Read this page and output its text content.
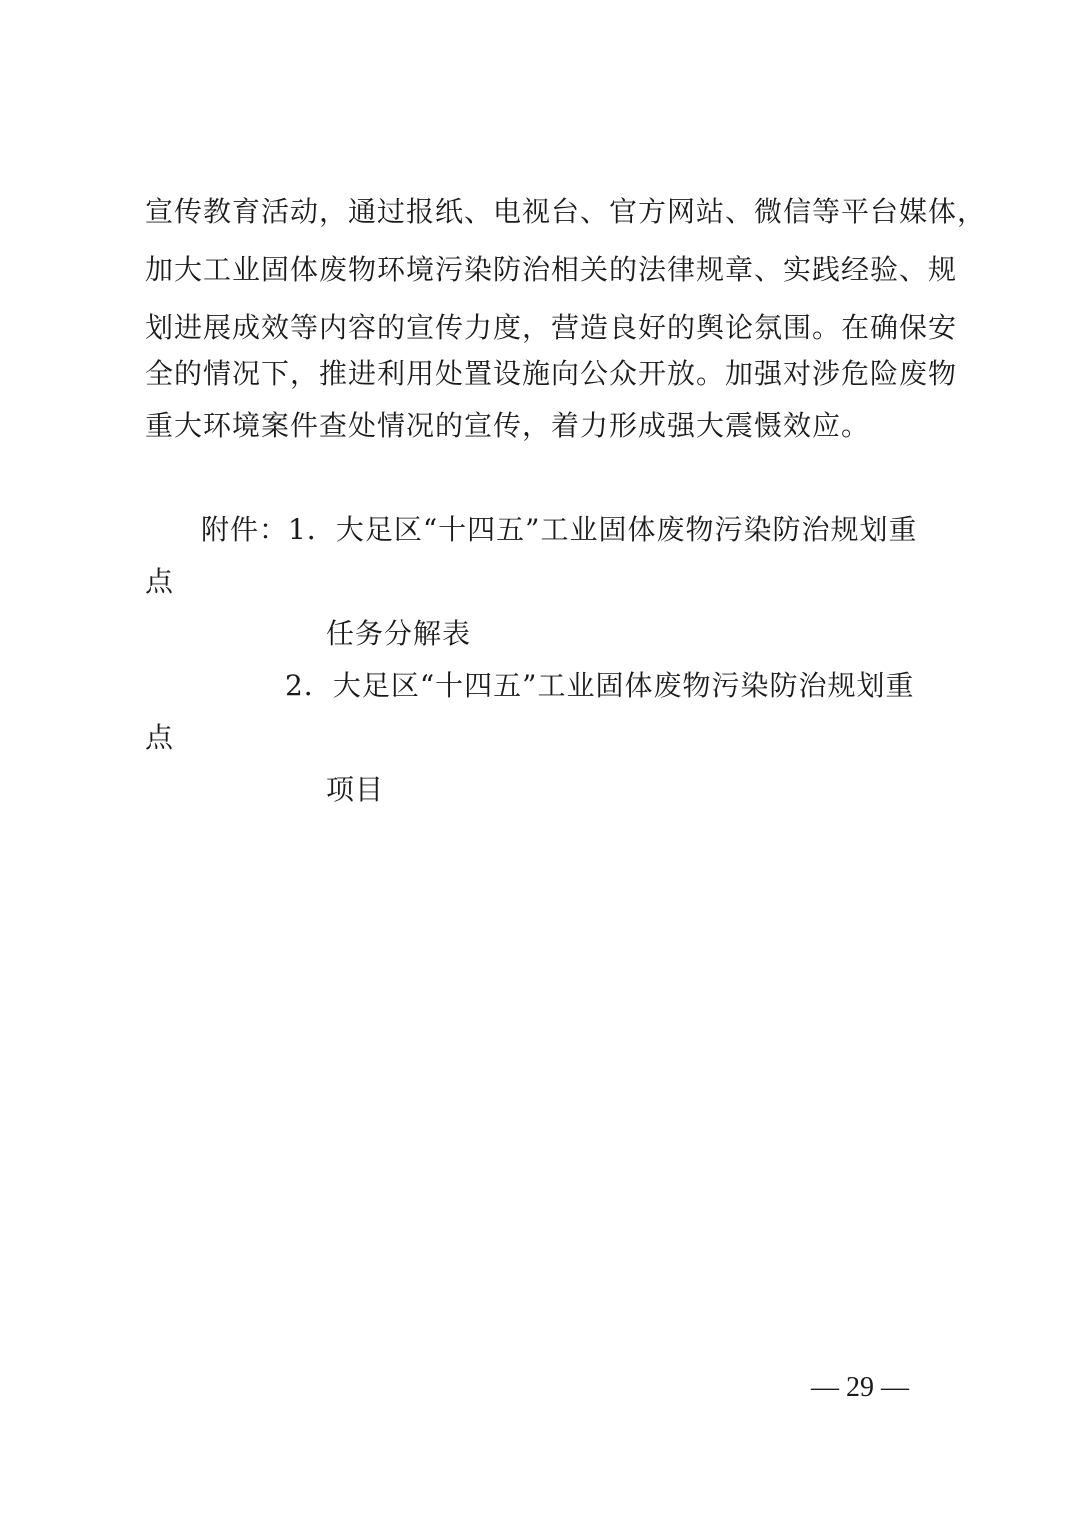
宣传教育活动，通过报纸、电视台、官方网站、微信等平台媒体，
加大工业固体废物环境污染防治相关的法律规章、实践经验、规
划进展成效等内容的宣传力度，营造良好的舆论氛围。在确保安
全的情况下，推进利用处置设施向公众开放。加强对涉危险废物
重大环境案件查处情况的宣传，着力形成强大震慑效应。
附件：1．大足区“十四五”工业固体废物污染防治规划重
点
任务分解表
2．大足区“十四五”工业固体废物污染防治规划重
点
项目
— 29 —
